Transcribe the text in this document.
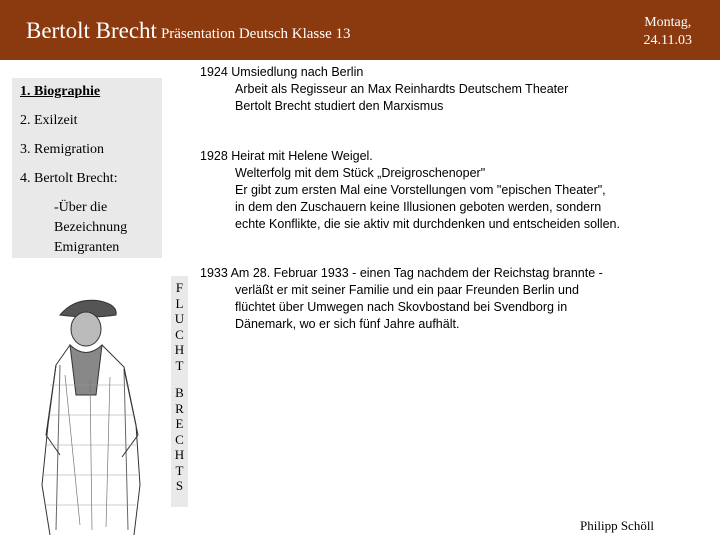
Bertolt Brecht Präsentation Deutsch Klasse 13
Montag,
24.11.03
1. Biographie
2. Exilzeit
3. Remigration
4. Bertolt Brecht:
-Über die
Bezeichnung
Emigranten
1924 Umsiedlung nach Berlin
Arbeit als Regisseur an Max Reinhardts Deutschem Theater
Bertolt Brecht studiert den Marxismus
1928 Heirat mit Helene Weigel.
Welterfolg mit dem Stück „Dreigroschenoper"
Er gibt zum ersten Mal eine Vorstellungen vom "epischen Theater",
in dem den Zuschauern keine Illusionen geboten werden, sondern
echte Konflikte, die sie aktiv mit durchdenken und entscheiden sollen.
1933 Am 28. Februar 1933 - einen Tag nachdem der Reichstag brannte -
verläßt er mit seiner Familie und ein paar Freunden Berlin und
flüchtet über Umwegen nach Skovbostand bei Svendborg in
Dänemark, wo er sich fünf Jahre aufhält.
F
L
U
C
H
T
B
R
E
C
H
T
S
Philipp Schöll
